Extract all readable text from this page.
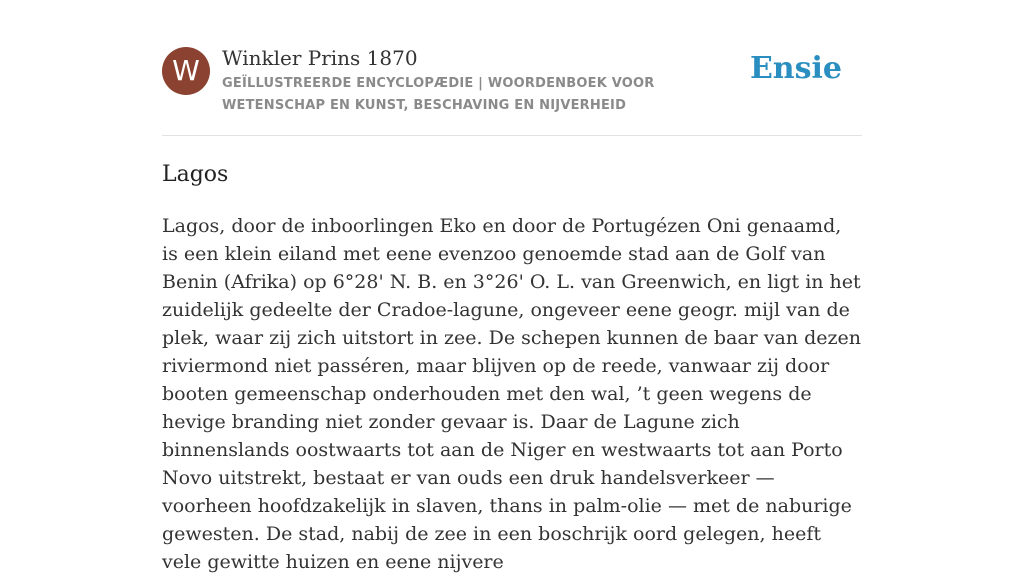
W	Winkler Prins 1870
GEÏLLUSTREERDE ENCYCLOPÆDIE | WOORDENBOEK VOOR WETENSCHAP EN KUNST, BESCHAVING EN NIJVERHEID
Ensie
Lagos

Lagos, door de inboorlingen Eko en door de Portugézen Oni genaamd, is een klein eiland met eene evenzoo genoemde stad aan de Golf van Benin (Afrika) op 6°28' N. B. en 3°26' O. L. van Greenwich, en ligt in het zuidelijk gedeelte der Cradoe-lagune, ongeveer eene geogr. mijl van de plek, waar zij zich uitstort in zee. De schepen kunnen de baar van dezen riviermond niet passéren, maar blijven op de reede, vanwaar zij door booten gemeenschap onderhouden met den wal, ’t geen wegens de hevige branding niet zonder gevaar is. Daar de Lagune zich binnenslands oostwaarts tot aan de Niger en westwaarts tot aan Porto Novo uitstrekt, bestaat er van ouds een druk handelsverkeer — voorheen hoofdzakelijk in slaven, thans in palm-olie — met de naburige gewesten. De stad, nabij de zee in een boschrijk oord gelegen, heeft vele gewitte huizen en eene nijvere
